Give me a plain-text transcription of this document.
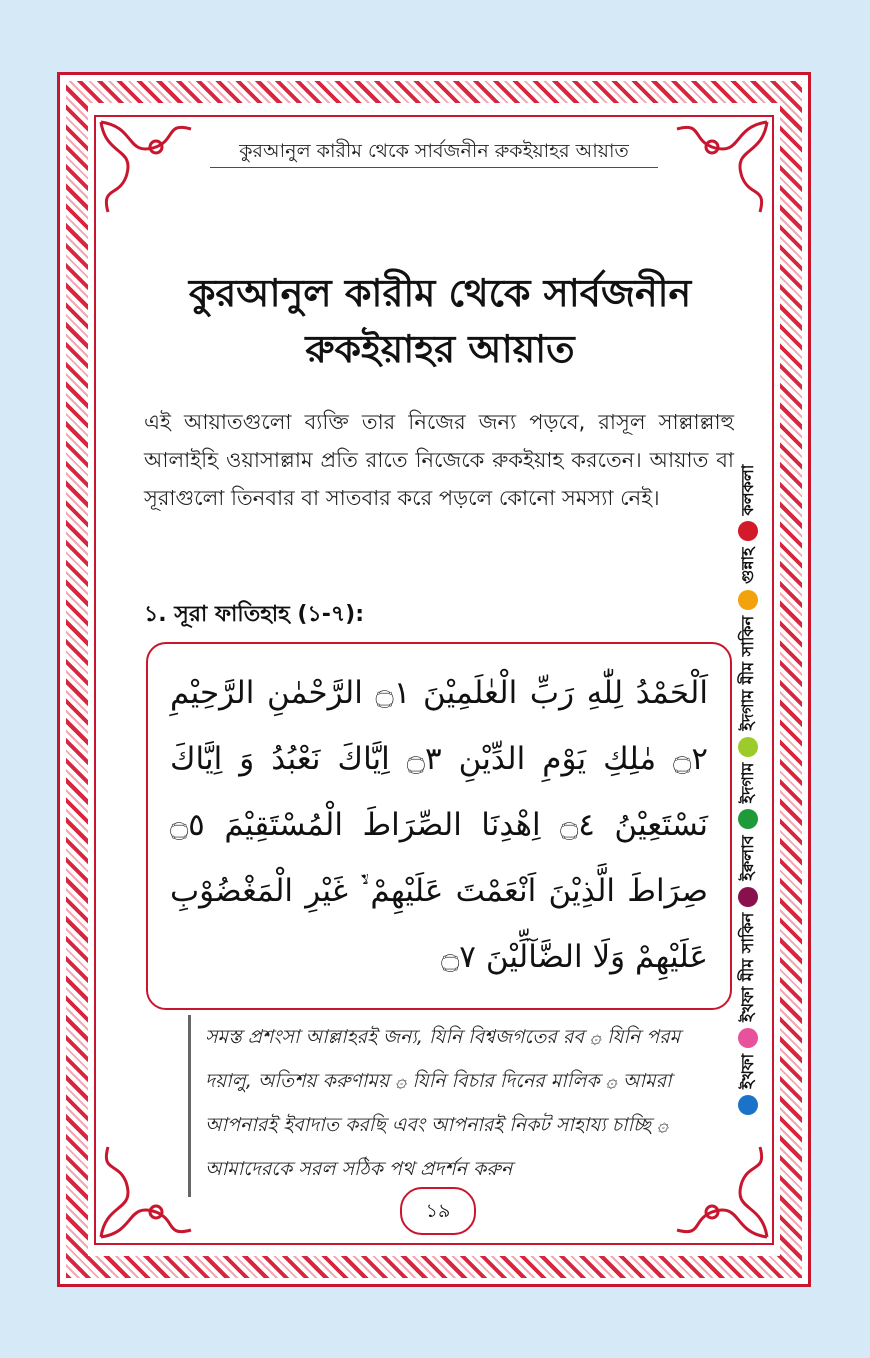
কুরআনুল কারীম থেকে সার্বজনীন রুকইয়াহর আয়াত
কুরআনুল কারীম থেকে সার্বজনীন
রুকইয়াহর আয়াত
এই আয়াতগুলো ব্যক্তি তার নিজের জন্য পড়বে, রাসূল সাল্লাল্লাহু আলাইহি ওয়াসাল্লাম প্রতি রাতে নিজেকে রুকইয়াহ করতেন। আয়াত বা সূরাগুলো তিনবার বা সাতবার করে পড়লে কোনো সমস্যা নেই।
১. সূরা ফাতিহাহ (১-৭):
اَلْحَمْدُ لِلّٰهِ رَبِّ الْعٰلَمِيْنَ ۝١ الرَّحْمٰنِ الرَّحِيْمِ ۝٢ مٰلِكِ يَوْمِ الدِّيْنِ ۝٣ اِيَّاكَ نَعْبُدُ وَ اِيَّاكَ نَسْتَعِيْنُ ۝٤ اِهْدِنَا الصِّرَاطَ الْمُسْتَقِيْمَ ۝٥ صِرَاطَ الَّذِيْنَ اَنْعَمْتَ عَلَيْهِمْ ۙ۬ غَيْرِ الْمَغْضُوْبِ عَلَيْهِمْ وَلَا الضَّآلِّيْنَ ۝٧
সমস্ত প্রশংসা আল্লাহরই জন্য, যিনি বিশ্বজগতের রব ۞ যিনি পরম দয়ালু, অতিশয় করুণাময় ۞ যিনি বিচার দিনের মালিক ۞ আমরা আপনারই ইবাদাত করছি এবং আপনারই নিকট সাহায্য চাচ্ছি ۞ আমাদেরকে সরল সঠিক পথ প্রদর্শন করুন
১৯
ইখফা
ইখফা মীম সাকিন
ইক্বলাব
ইদগাম
ইদগাম মীম সাকিন
গুন্নাহ
কলকলা
